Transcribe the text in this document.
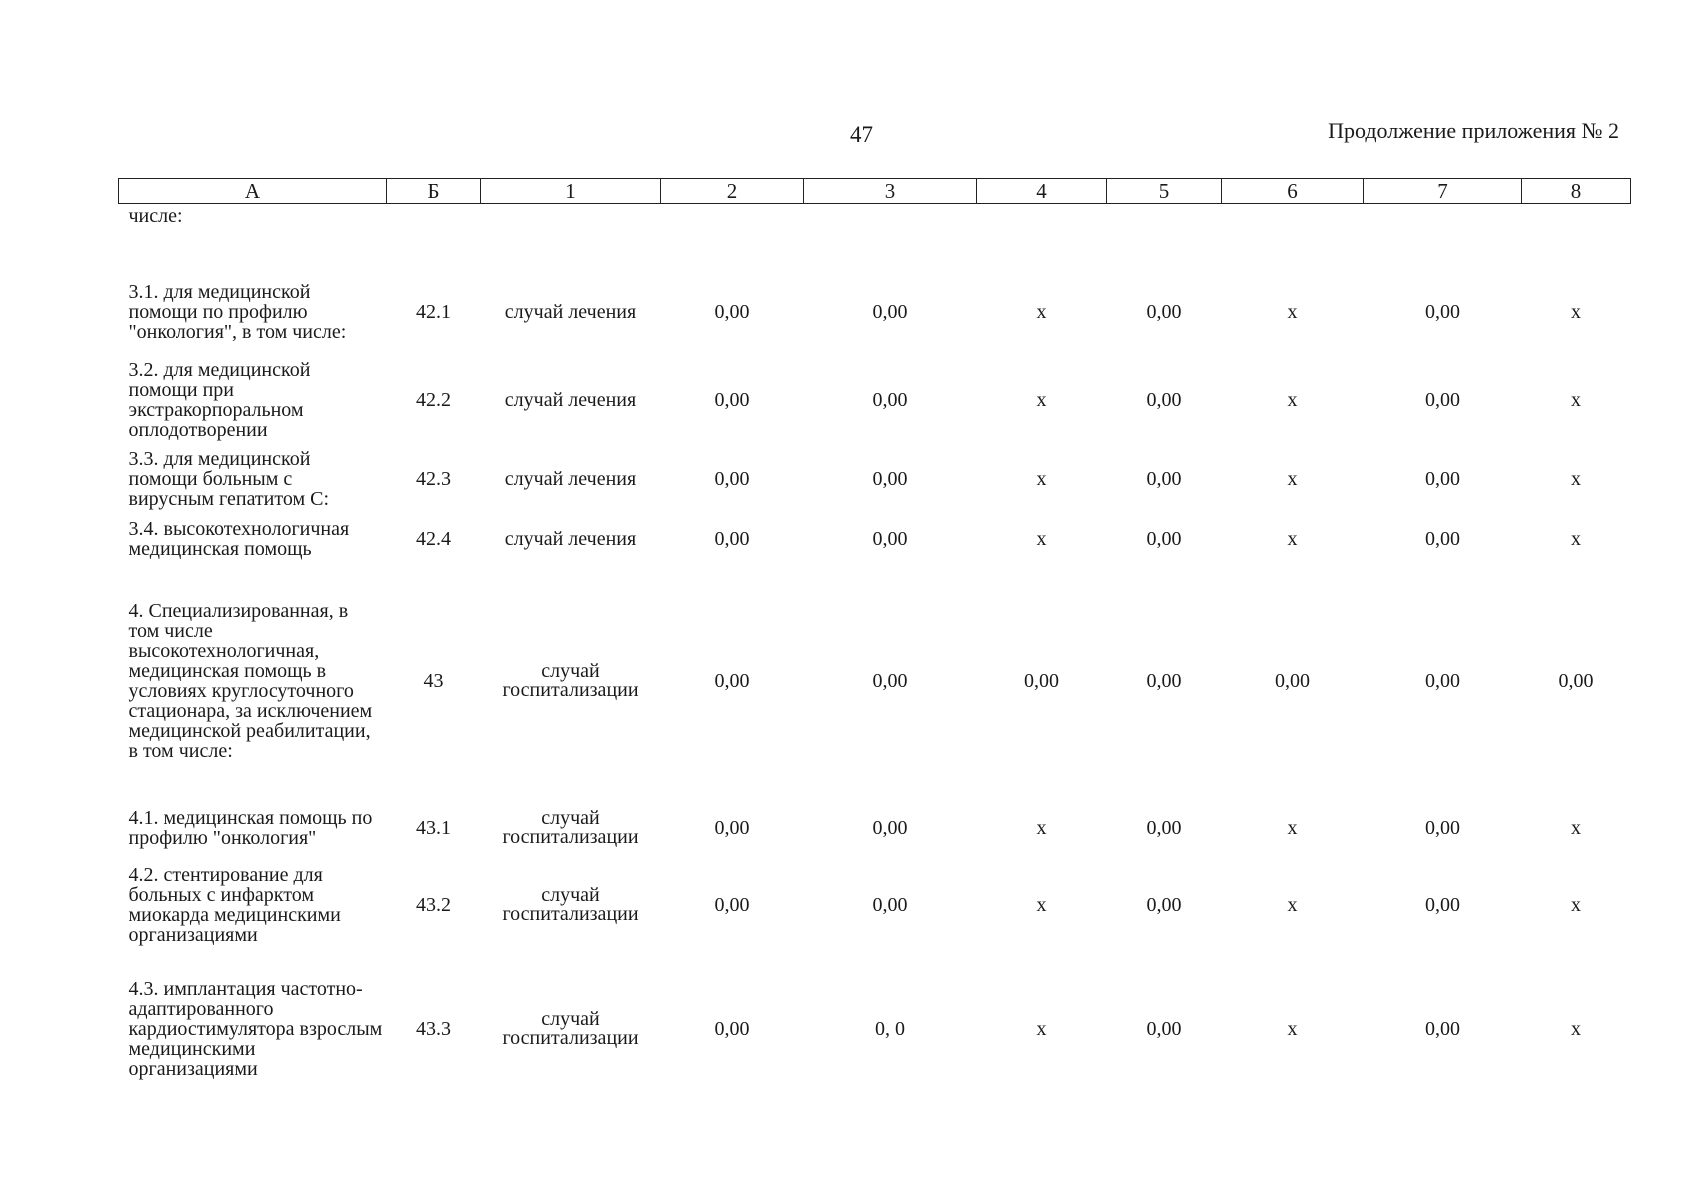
47	Продолжение приложения № 2
А	Б	1	2	3	4	5	6	7	8
числе:									
3.1. для медицинской помощи по профилю "онкология", в том числе:	42.1	случай лечения	0,00	0,00	х	0,00	х	0,00	х
3.2. для медицинской помощи при экстракорпоральном оплодотворении	42.2	случай лечения	0,00	0,00	х	0,00	х	0,00	х
3.3. для медицинской помощи больным с вирусным гепатитом С:	42.3	случай лечения	0,00	0,00	х	0,00	х	0,00	х
3.4. высокотехнологичная медицинская помощь	42.4	случай лечения	0,00	0,00	х	0,00	х	0,00	х
4. Специализированная, в том числе высокотехнологичная, медицинская помощь в условиях круглосуточного стационара, за исключением медицинской реабилитации, в том числе:	43	случай госпитализации	0,00	0,00	0,00	0,00	0,00	0,00	0,00
4.1. медицинская помощь по профилю "онкология"	43.1	случай госпитализации	0,00	0,00	х	0,00	х	0,00	х
4.2. стентирование для больных с инфарктом миокарда медицинскими организациями	43.2	случай госпитализации	0,00	0,00	х	0,00	х	0,00	х
4.3. имплантация частотно-адаптированного кардиостимулятора взрослым медицинскими организациями	43.3	случай госпитализации	0,00	0, 0	х	0,00	х	0,00	х
